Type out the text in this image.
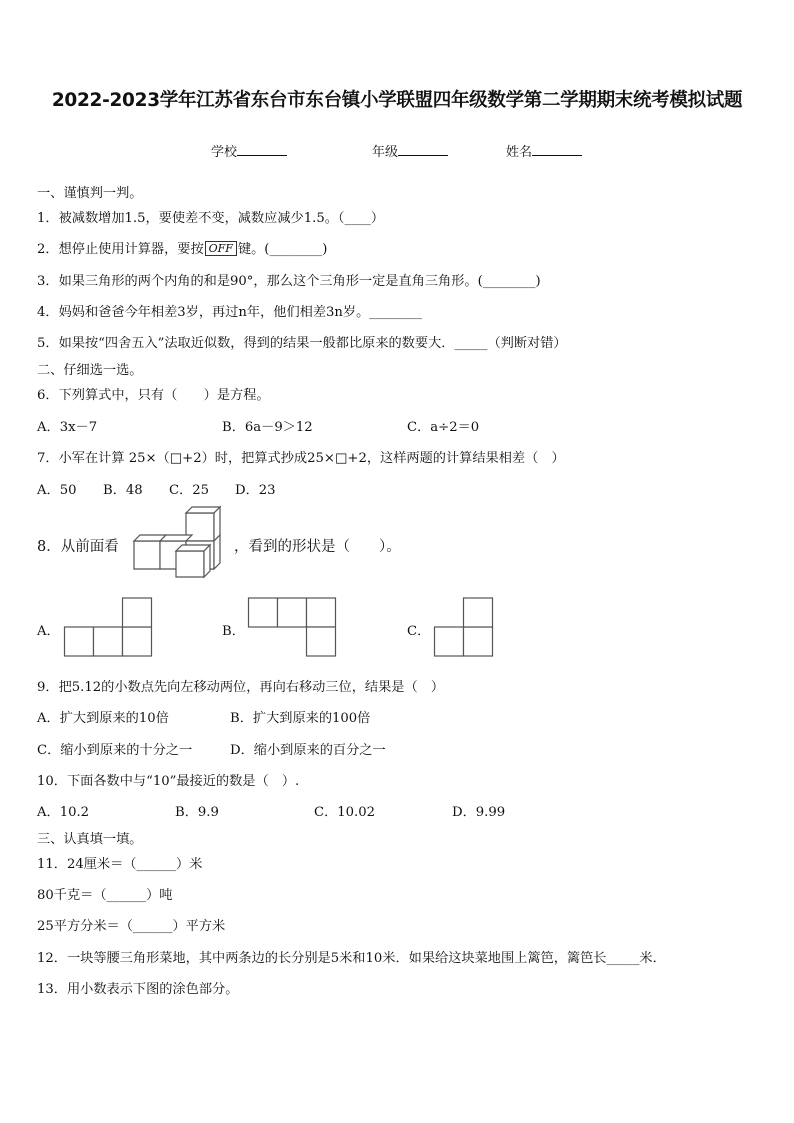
2022-2023学年江苏省东台市东台镇小学联盟四年级数学第二学期期末统考模拟试题
学校	年级	姓名
一、谨慎判一判。
1．被减数增加1.5，要使差不变，减数应减少1.5。（____）
2．想停止使用计算器，要按 OFF 键。(________)
3．如果三角形的两个内角的和是90°，那么这个三角形一定是直角三角形。(________)
4．妈妈和爸爸今年相差3岁，再过n年，他们相差3n岁。________
5．如果按“四舍五入”法取近似数，得到的结果一般都比原来的数要大．_____（判断对错）
二、仔细选一选。
6．下列算式中，只有（　　）是方程。
A．3x－7	B．6a－9＞12	C．a÷2＝0
7．小军在计算 25×（□+2）时，把算式抄成25×□+2，这样两题的计算结果相差（　）
A．50 B．48 C．25 D．23
8．从前面看	，看到的形状是（　　）。
A．	B．	C．
9．把5.12的小数点先向左移动两位，再向右移动三位，结果是（　）
A．扩大到原来的10倍	B．扩大到原来的100倍
C．缩小到原来的十分之一	D．缩小到原来的百分之一
10．下面各数中与“10”最接近的数是（　）.
A．10.2	B．9.9	C．10.02	D．9.99
三、认真填一填。
11．24厘米＝（______）米
80千克＝（______）吨
25平方分米＝（______）平方米
12．一块等腰三角形菜地，其中两条边的长分别是5米和10米．如果给这块菜地围上篱笆，篱笆长_____米．
13．用小数表示下图的涂色部分。
